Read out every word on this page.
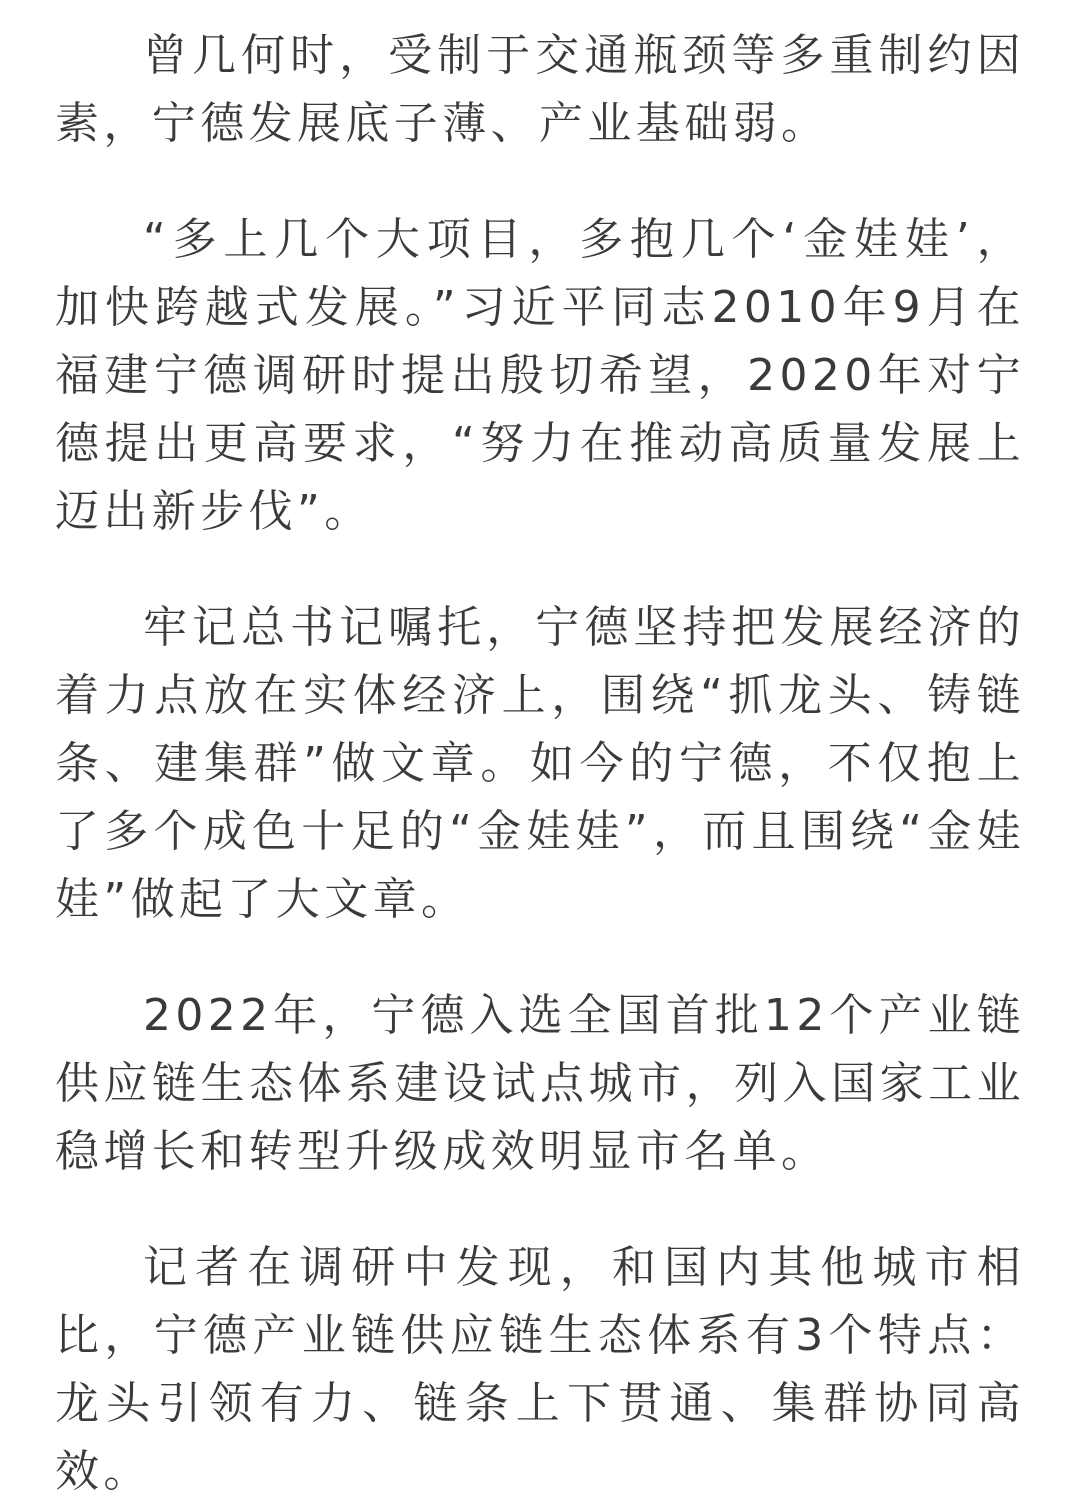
曾几何时，受制于交通瓶颈等多重制约因素，宁德发展底子薄、产业基础弱。

“多上几个大项目，多抱几个‘金娃娃’，加快跨越式发展。”习近平同志2010年9月在福建宁德调研时提出殷切希望，2020年对宁德提出更高要求，“努力在推动高质量发展上迈出新步伐”。

牢记总书记嘱托，宁德坚持把发展经济的着力点放在实体经济上，围绕“抓龙头、铸链条、建集群”做文章。如今的宁德，不仅抱上了多个成色十足的“金娃娃”，而且围绕“金娃娃”做起了大文章。

2022年，宁德入选全国首批12个产业链供应链生态体系建设试点城市，列入国家工业稳增长和转型升级成效明显市名单。

记者在调研中发现，和国内其他城市相比，宁德产业链供应链生态体系有3个特点：龙头引领有力、链条上下贯通、集群协同高效。
